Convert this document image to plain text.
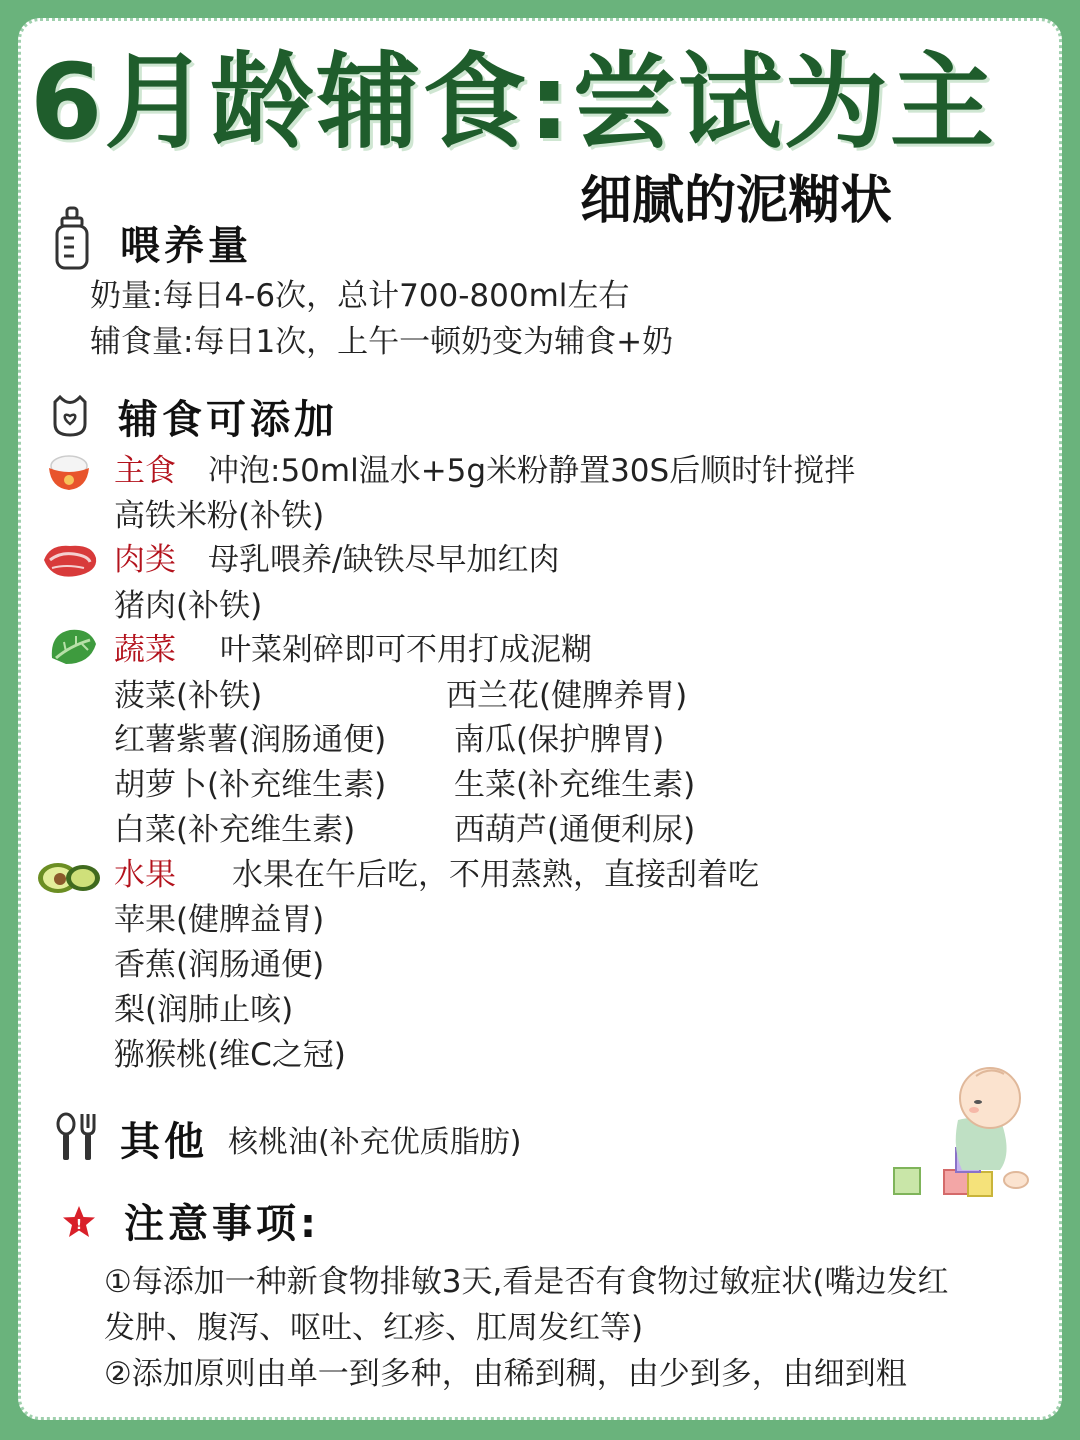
6月龄辅食:尝试为主
细腻的泥糊状
喂养量
奶量:每日4-6次，总计700-800ml左右
辅食量:每日1次，上午一顿奶变为辅食+奶
辅食可添加
主食 冲泡:50ml温水+5g米粉静置30S后顺时针搅拌
高铁米粉(补铁)
肉类 母乳喂养/缺铁尽早加红肉
猪肉(补铁)
蔬菜 叶菜剁碎即可不用打成泥糊
菠菜(补铁)	西兰花(健脾养胃)
红薯紫薯(润肠通便) 南瓜(保护脾胃)
胡萝卜(补充维生素) 生菜(补充维生素)
白菜(补充维生素)	西葫芦(通便利尿)
水果 水果在午后吃，不用蒸熟，直接刮着吃
苹果(健脾益胃)
香蕉(润肠通便)
梨(润肺止咳)
猕猴桃(维C之冠)
其他 核桃油(补充优质脂肪)
! 注意事项:
①每添加一种新食物排敏3天,看是否有食物过敏症状(嘴边发红
发肿、腹泻、呕吐、红疹、肛周发红等)
②添加原则由单一到多种，由稀到稠，由少到多，由细到粗
